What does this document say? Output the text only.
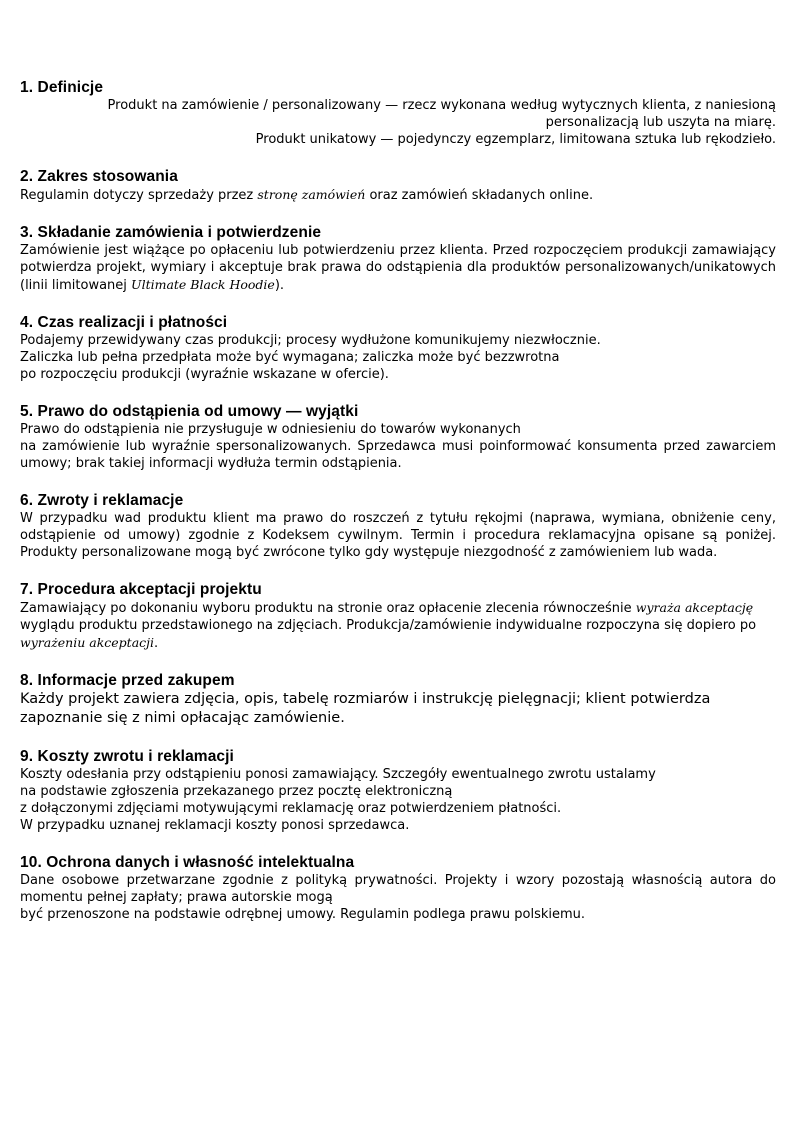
1. Definicje

Produkt na zamówienie / personalizowany — rzecz wykonana według wytycznych klienta, z naniesioną personalizacją lub uszyta na miarę.

Produkt unikatowy — pojedynczy egzemplarz, limitowana sztuka lub rękodzieło.

2. Zakres stosowania

Regulamin dotyczy sprzedaży przez stronę zamówień oraz zamówień składanych online.

3. Składanie zamówienia i potwierdzenie

Zamówienie jest wiążące po opłaceniu lub potwierdzeniu przez klienta. Przed rozpoczęciem produkcji zamawiający potwierdza projekt, wymiary i akceptuje brak prawa do odstąpienia dla produktów personalizowanych/unikatowych (linii limitowanej Ultimate Black Hoodie).

4. Czas realizacji i płatności

Podajemy przewidywany czas produkcji; procesy wydłużone komunikujemy niezwłocznie.

Zaliczka lub pełna przedpłata może być wymagana; zaliczka może być bezzwrotna

po rozpoczęciu produkcji (wyraźnie wskazane w ofercie).

5. Prawo do odstąpienia od umowy — wyjątki

Prawo do odstąpienia nie przysługuje w odniesieniu do towarów wykonanych

na zamówienie lub wyraźnie spersonalizowanych. Sprzedawca musi poinformować konsumenta przed zawarciem umowy; brak takiej informacji wydłuża termin odstąpienia.

6. Zwroty i reklamacje

W przypadku wad produktu klient ma prawo do roszczeń z tytułu rękojmi (naprawa, wymiana, obniżenie ceny, odstąpienie od umowy) zgodnie z Kodeksem cywilnym. Termin i procedura reklamacyjna opisane są poniżej. Produkty personalizowane mogą być zwrócone tylko gdy występuje niezgodność z zamówieniem lub wada.

7. Procedura akceptacji projektu

Zamawiający po dokonaniu wyboru produktu na stronie oraz opłacenie zlecenia równocześnie wyraża akceptację wyglądu produktu przedstawionego na zdjęciach. Produkcja/zamówienie indywidualne rozpoczyna się dopiero po wyrażeniu akceptacji.

8. Informacje przed zakupem

Każdy projekt zawiera zdjęcia, opis, tabelę rozmiarów i instrukcję pielęgnacji; klient potwierdza zapoznanie się z nimi opłacając zamówienie.

9. Koszty zwrotu i reklamacji

Koszty odesłania przy odstąpieniu ponosi zamawiający. Szczegóły ewentualnego zwrotu ustalamy

na podstawie zgłoszenia przekazanego przez pocztę elektroniczną

z dołączonymi zdjęciami motywującymi reklamację oraz potwierdzeniem płatności.

W przypadku uznanej reklamacji koszty ponosi sprzedawca.

10. Ochrona danych i własność intelektualna

Dane osobowe przetwarzane zgodnie z polityką prywatności. Projekty i wzory pozostają własnością autora do momentu pełnej zapłaty; prawa autorskie mogą

być przenoszone na podstawie odrębnej umowy. Regulamin podlega prawu polskiemu.
